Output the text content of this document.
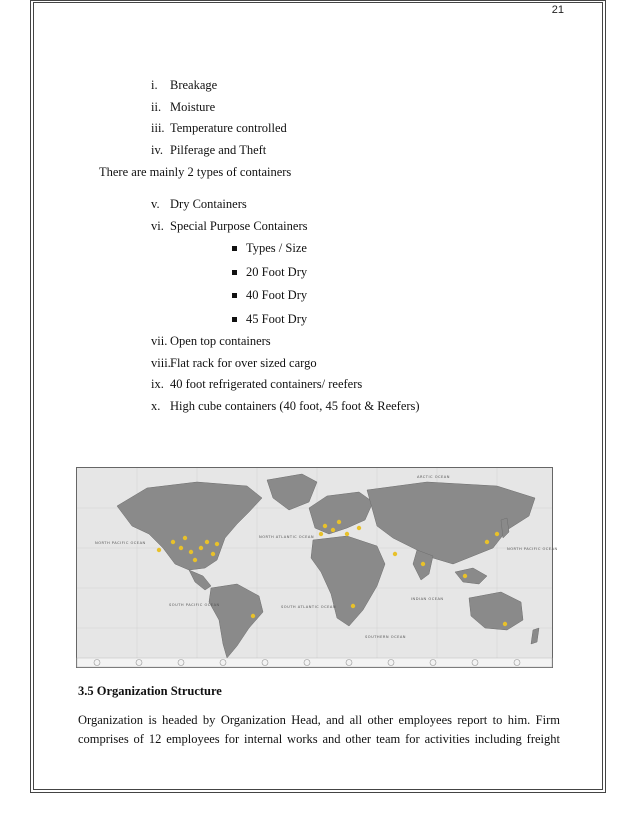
21
i. Breakage
ii. Moisture
iii. Temperature controlled
iv. Pilferage and Theft
There are mainly 2 types of containers
v. Dry Containers
vi. Special Purpose Containers
Types / Size
20 Foot Dry
40 Foot Dry
45 Foot Dry
vii. Open top containers
viii.Flat rack for over sized cargo
ix. 40 foot refrigerated containers/ reefers
x. High cube containers (40 foot, 45 foot & Reefers)
NORTH PACIFIC OCEAN
NORTH ATLANTIC OCEAN
SOUTH PACIFIC OCEAN	SOUTH ATLANTIC OCEAN
INDIAN OCEAN
SOUTHERN OCEAN
NORTH PACIFIC OCEAN
ARCTIC OCEAN
3.5 Organization Structure
Organization is headed by Organization Head, and all other employees report to him. Firm comprises of 12 employees for internal works and other team for activities including freight
